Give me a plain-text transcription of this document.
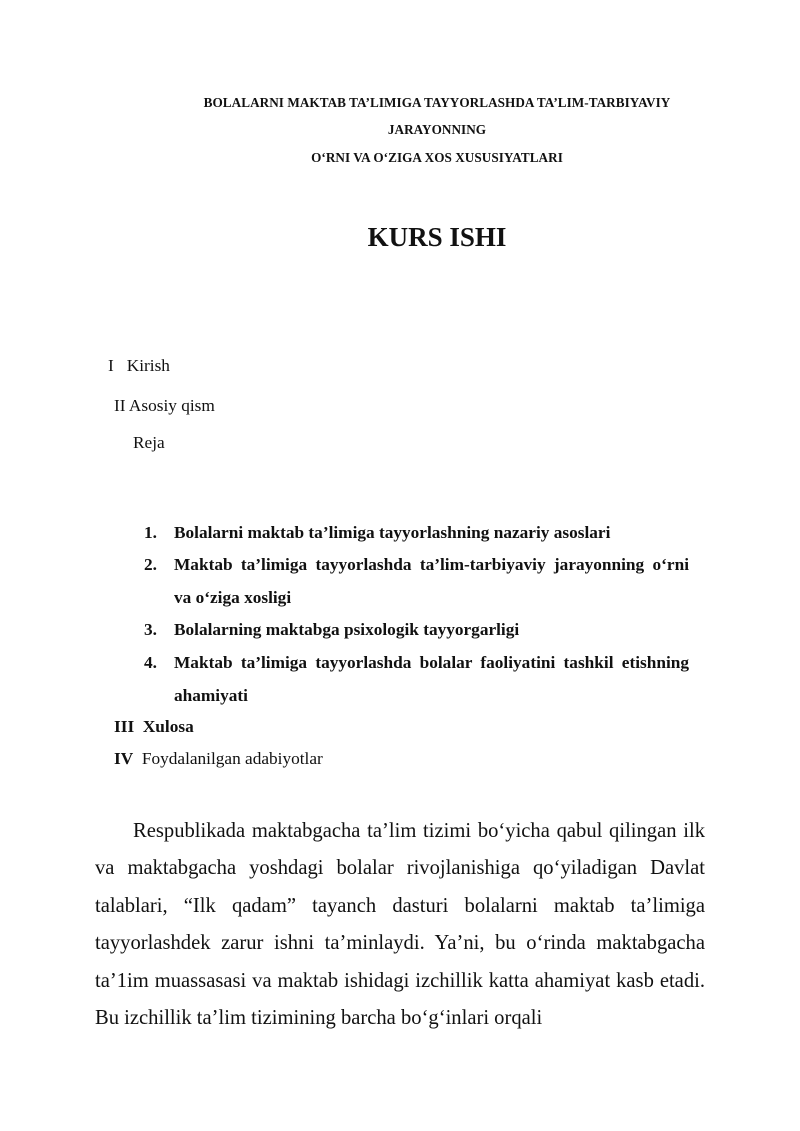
BOLALARNI MAKTAB TA’LIMIGA TAYYORLASHDA TA’LIM-TARBIYAVIY
JARAYONNING
O‘RNI VA O‘ZIGA XOS XUSUSIYATLARI
KURS ISHI
I Kirish
II Asosiy qism
Reja
1. Bolalarni maktab ta’limiga tayyorlashning nazariy asoslari
2. Maktab ta’limiga tayyorlashda ta’lim-tarbiyaviy jarayonning o‘rni va o‘ziga xosligi
3. Bolalarning maktabga psixologik tayyorgarligi
4. Maktab ta’limiga tayyorlashda bolalar faoliyatini tashkil etishning ahamiyati
III Xulosa
IV Foydalanilgan adabiyotlar
Respublikada maktabgacha ta’lim tizimi bo‘yicha qabul qilingan ilk va maktabgacha yoshdagi bolalar rivojlanishiga qo‘yiladigan Davlat talablari, “Ilk qadam” tayanch dasturi bolalarni maktab ta’limiga tayyorlashdek zarur ishni ta’minlaydi. Ya’ni, bu o‘rinda maktabgacha ta’1im muassasasi va maktab ishidagi izchillik katta ahamiyat kasb etadi. Bu izchillik ta’lim tizimining barcha bo‘g‘inlari orqali
